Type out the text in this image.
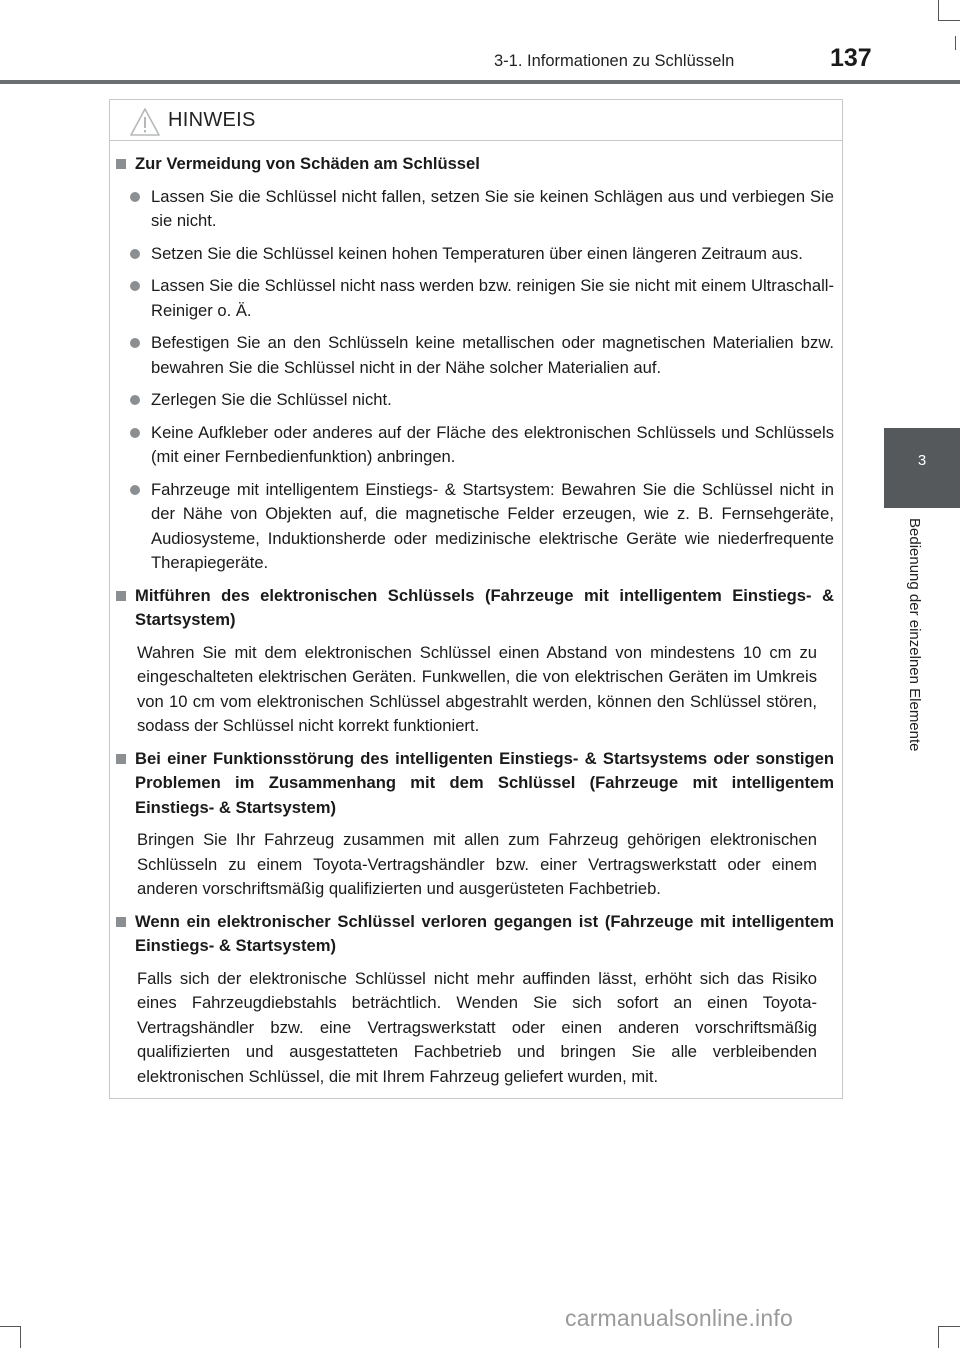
3-1. Informationen zu Schlüsseln	137
3
Bedienung der einzelnen Elemente
HINWEIS
Zur Vermeidung von Schäden am Schlüssel
Lassen Sie die Schlüssel nicht fallen, setzen Sie sie keinen Schlägen aus und verbiegen Sie sie nicht.
Setzen Sie die Schlüssel keinen hohen Temperaturen über einen längeren Zeitraum aus.
Lassen Sie die Schlüssel nicht nass werden bzw. reinigen Sie sie nicht mit einem Ultraschall-Reiniger o. Ä.
Befestigen Sie an den Schlüsseln keine metallischen oder magnetischen Materialien bzw. bewahren Sie die Schlüssel nicht in der Nähe solcher Materialien auf.
Zerlegen Sie die Schlüssel nicht.
Keine Aufkleber oder anderes auf der Fläche des elektronischen Schlüssels und Schlüssels (mit einer Fernbedienfunktion) anbringen.
Fahrzeuge mit intelligentem Einstiegs- & Startsystem: Bewahren Sie die Schlüssel nicht in der Nähe von Objekten auf, die magnetische Felder erzeugen, wie z. B. Fernsehgeräte, Audiosysteme, Induktionsherde oder medizinische elektrische Geräte wie niederfrequente Therapiegeräte.
Mitführen des elektronischen Schlüssels (Fahrzeuge mit intelligentem Einstiegs- & Startsystem)
Wahren Sie mit dem elektronischen Schlüssel einen Abstand von mindestens 10 cm zu eingeschalteten elektrischen Geräten. Funkwellen, die von elektrischen Geräten im Umkreis von 10 cm vom elektronischen Schlüssel abgestrahlt werden, können den Schlüssel stören, sodass der Schlüssel nicht korrekt funktioniert.
Bei einer Funktionsstörung des intelligenten Einstiegs- & Startsystems oder sonstigen Problemen im Zusammenhang mit dem Schlüssel (Fahrzeuge mit intelligentem Einstiegs- & Startsystem)
Bringen Sie Ihr Fahrzeug zusammen mit allen zum Fahrzeug gehörigen elektronischen Schlüsseln zu einem Toyota-Vertragshändler bzw. einer Vertragswerkstatt oder einem anderen vorschriftsmäßig qualifizierten und ausgerüsteten Fachbetrieb.
Wenn ein elektronischer Schlüssel verloren gegangen ist (Fahrzeuge mit intelligentem Einstiegs- & Startsystem)
Falls sich der elektronische Schlüssel nicht mehr auffinden lässt, erhöht sich das Risiko eines Fahrzeugdiebstahls beträchtlich. Wenden Sie sich sofort an einen Toyota-Vertragshändler bzw. eine Vertragswerkstatt oder einen anderen vorschriftsmäßig qualifizierten und ausgestatteten Fachbetrieb und bringen Sie alle verbleibenden elektronischen Schlüssel, die mit Ihrem Fahrzeug geliefert wurden, mit.
carmanualsonline.info
